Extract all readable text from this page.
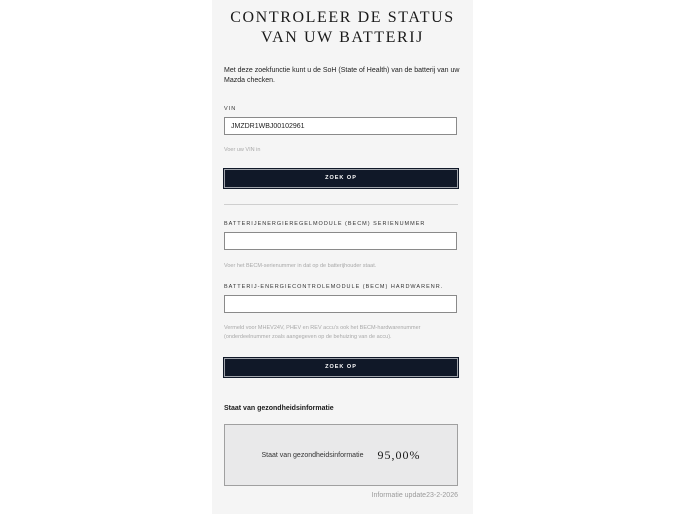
CONTROLEER DE STATUS
VAN UW BATTERIJ
Met deze zoekfunctie kunt u de SoH (State of Health) van de batterij van uw Mazda checken.
VIN
JMZDR1WBJ00102961
Voer uw VIN in
ZOEK OP
BATTERIJENERGIEREGELMODULE (BECM) SERIENUMMER
Voer het BECM-serienummer in dat op de batterijhouder staat.
BATTERIJ-ENERGIECONTROLEMODULE (BECM) HARDWARENR.
Vermeld voor MHEV24V, PHEV en REV accu's ook het BECM-hardwarenummer
(onderdeelnummer zoals aangegeven op de behuizing van de accu).
ZOEK OP
Staat van gezondheidsinformatie
Staat van gezondheidsinformatie 95,00%
Informatie update23-2-2026
